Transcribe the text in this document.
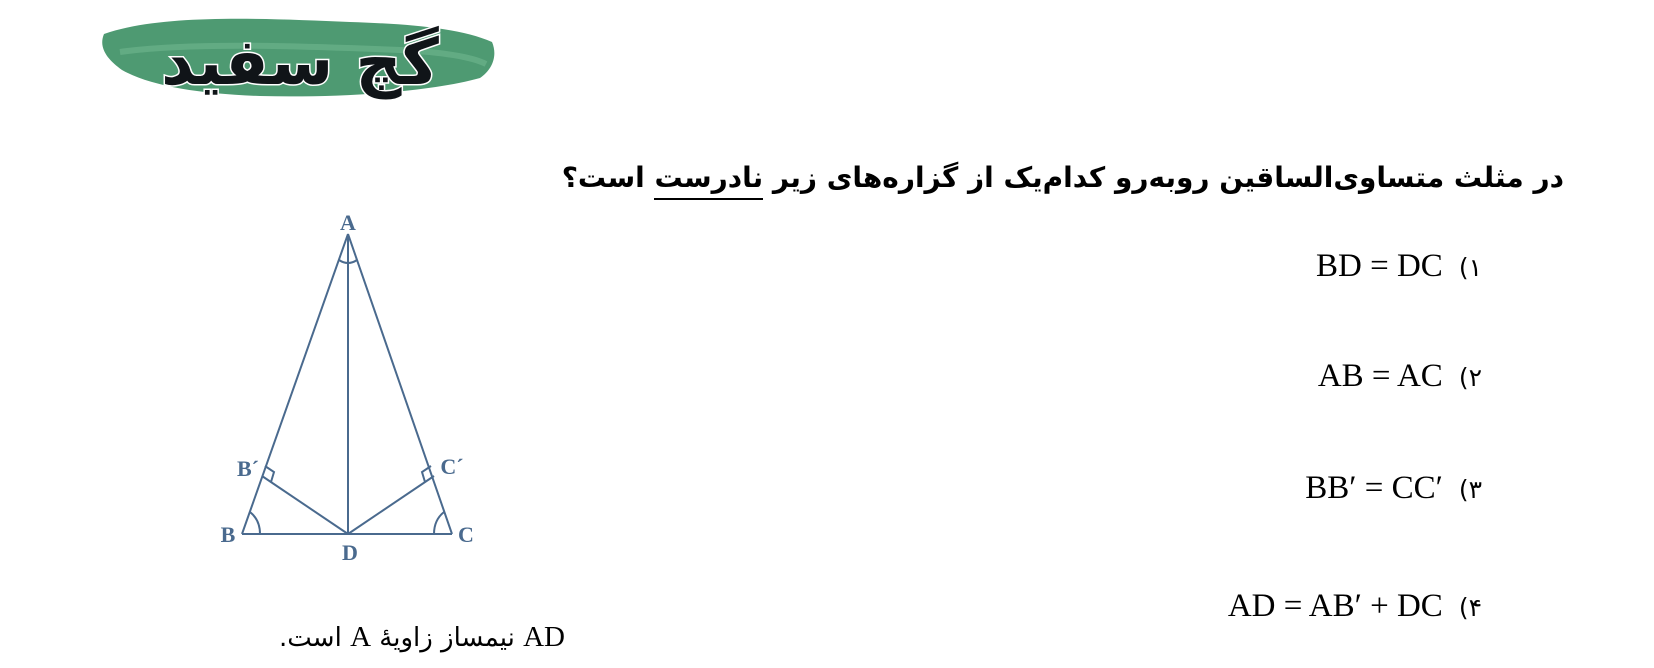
گچ سفید
در مثلث متساوی‌الساقین روبه‌رو کدام‌یک از گزاره‌های زیر نادرست است؟
BD = DC (۱
AB = AC (۲
BB′ = CC′ (۳
AD = AB′ + DC (۴
A
B	C
D
B´	C´
AD نیمساز زاویهٔ A است.
